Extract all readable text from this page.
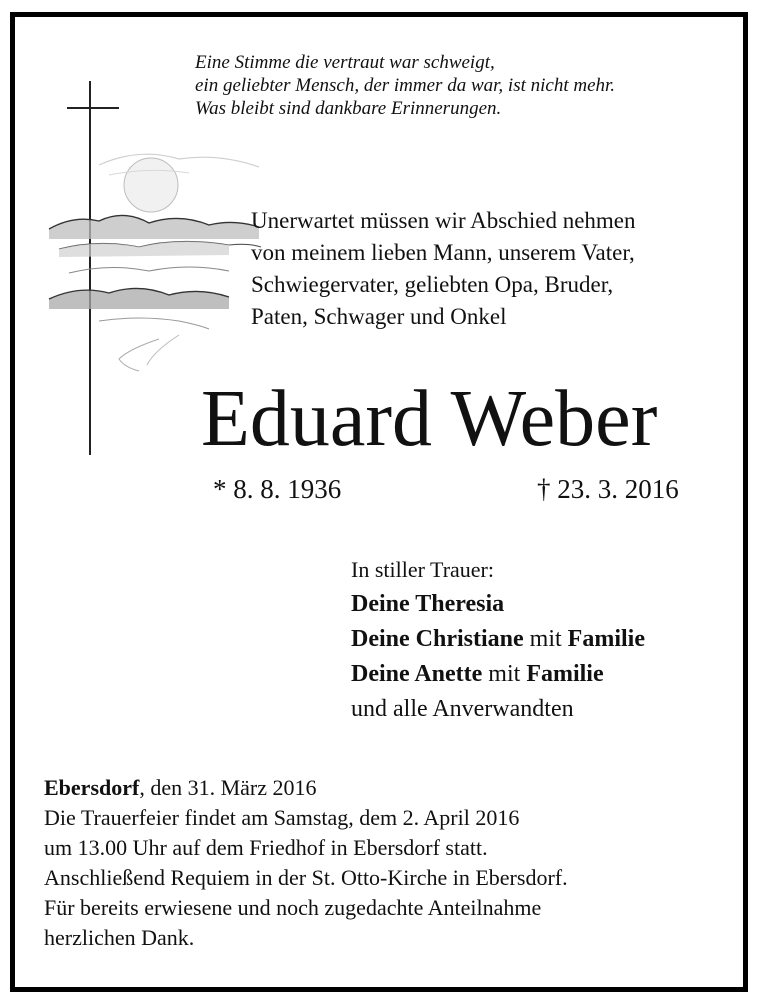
Eine Stimme die vertraut war schweigt,
ein geliebter Mensch, der immer da war, ist nicht mehr.
Was bleibt sind dankbare Erinnerungen.
Unerwartet müssen wir Abschied nehmen
von meinem lieben Mann, unserem Vater,
Schwiegervater, geliebten Opa, Bruder,
Paten, Schwager und Onkel
Eduard Weber
* 8. 8. 1936	† 23. 3. 2016
In stiller Trauer:
Deine Theresia
Deine Christiane mit Familie
Deine Anette mit Familie
und alle Anverwandten
Ebersdorf, den 31. März 2016
Die Trauerfeier findet am Samstag, dem 2. April 2016
um 13.00 Uhr auf dem Friedhof in Ebersdorf statt.
Anschließend Requiem in der St. Otto-Kirche in Ebersdorf.
Für bereits erwiesene und noch zugedachte Anteilnahme
herzlichen Dank.
